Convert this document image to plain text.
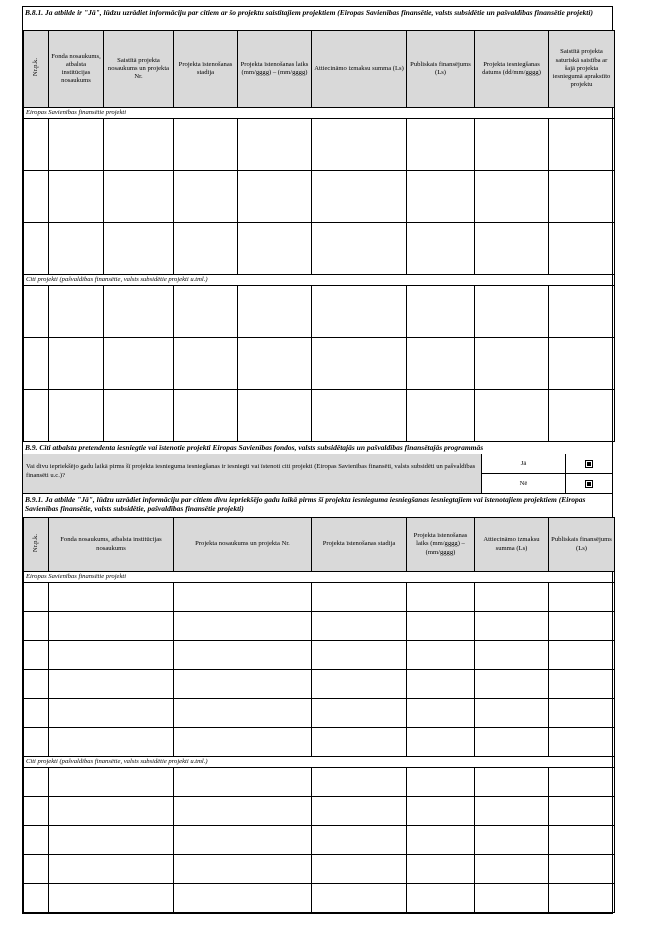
B.8.1. Ja atbilde ir "Jā", lūdzu uzrādiet informāciju par citiem ar šo projektu saistītajiem projektiem (Eiropas Savienības finansētie, valsts subsidētie un pašvaldības finansētie projekti)
Nr.p.k.	Fonda nosaukums, atbalsta institūcijas nosaukums	Saistītā projekta nosaukums un projekta Nr.	Projekta īstenošanas stadija	Projekta īstenošanas laiks (mm/gggg) – (mm/gggg)	Attiecināmo izmaksu summa (Ls)	Publiskais finansējums (Ls)	Projekta iesniegšanas datums (dd/mm/gggg)	Saistītā projekta saturiskā saistība ar šajā projekta iesniegumā aprakstīto projektu
Eiropas Savienības finansētie projekti								

Citi projekti (pašvaldības finansētie, valsts subsidētie projekti u.tml.)								

B.9. Citi atbalsta pretendenta iesniegtie vai īstenotie projekti Eiropas Savienības fondos, valsts subsidētajās un pašvaldības finansētajās programmās
Vai divu iepriekšējo gadu laikā pirms šī projekta iesnieguma iesniegšanas ir iesniegti vai īstenoti citi projekti (Eiropas Savienības finansēti, valsts subsidēti un pašvaldības finansēti u.c.)?
Jā
Nē
B.9.1. Ja atbilde "Jā", lūdzu uzrādiet informāciju par citiem divu iepriekšējo gadu laikā pirms šī projekta iesnieguma iesniegšanas iesniegtajiem vai īstenotajiem projektiem (Eiropas Savienības finansētie, valsts subsidētie, pašvaldības finansētie projekti)
Nr.p.k.	Fonda nosaukums, atbalsta institūcijas nosaukums	Projekta nosaukums un projekta Nr.	Projekta īstenošanas stadija	Projekta īstenošanas laiks (mm/gggg) – (mm/gggg)	Attiecināmo izmaksu summa (Ls)	Publiskais finansējums (Ls)
Eiropas Savienības finansētie projekti						

Citi projekti (pašvaldības finansētie, valsts subsidētie projekti u.tml.)						
